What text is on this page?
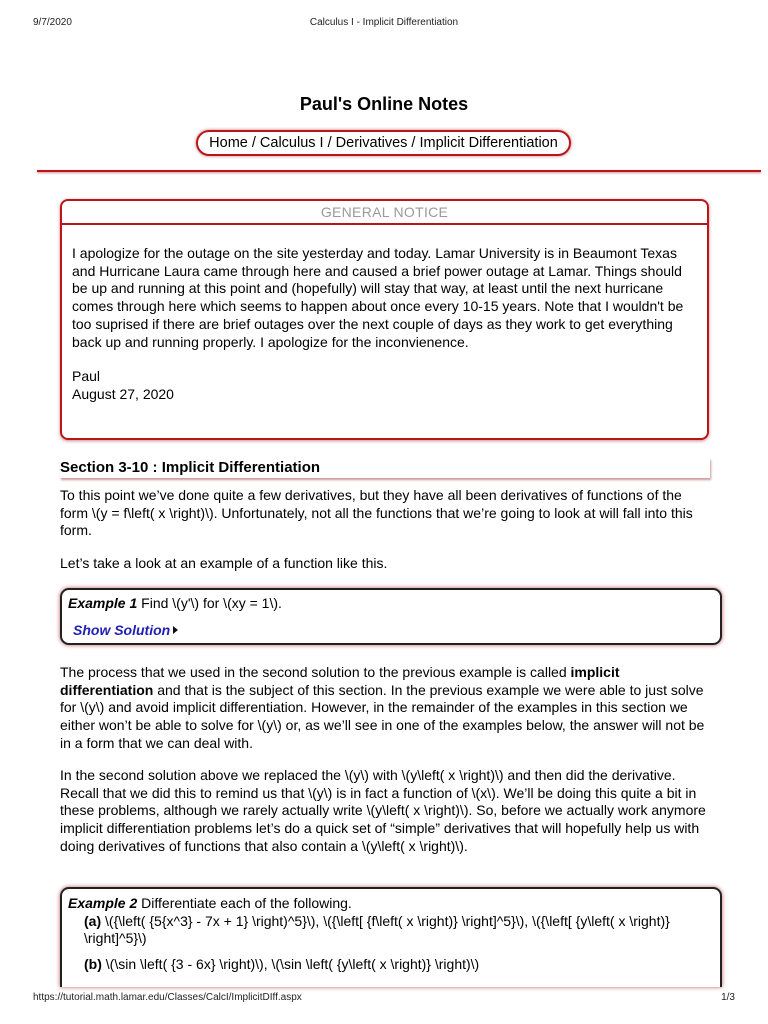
9/7/2020	Calculus I - Implicit Differentiation
Paul's Online Notes
Home / Calculus I / Derivatives / Implicit Differentiation
GENERAL NOTICE

I apologize for the outage on the site yesterday and today. Lamar University is in Beaumont Texas and Hurricane Laura came through here and caused a brief power outage at Lamar. Things should be up and running at this point and (hopefully) will stay that way, at least until the next hurricane comes through here which seems to happen about once every 10-15 years. Note that I wouldn't be too suprised if there are brief outages over the next couple of days as they work to get everything back up and running properly. I apologize for the inconvienence.

Paul

August 27, 2020

Section 3-10 : Implicit Differentiation

To this point we’ve done quite a few derivatives, but they have all been derivatives of functions of the form \(y = f\left( x \right)\). Unfortunately, not all the functions that we’re going to look at will fall into this form.

Let’s take a look at an example of a function like this.

Example 1 Find \(y'\) for \(xy = 1\).
Show Solution

The process that we used in the second solution to the previous example is called implicit differentiation and that is the subject of this section. In the previous example we were able to just solve for \(y\) and avoid implicit differentiation. However, in the remainder of the examples in this section we either won’t be able to solve for \(y\) or, as we’ll see in one of the examples below, the answer will not be in a form that we can deal with.

In the second solution above we replaced the \(y\) with \(y\left( x \right)\) and then did the derivative. Recall that we did this to remind us that \(y\) is in fact a function of \(x\). We’ll be doing this quite a bit in these problems, although we rarely actually write \(y\left( x \right)\). So, before we actually work anymore implicit differentiation problems let’s do a quick set of “simple” derivatives that will hopefully help us with doing derivatives of functions that also contain a \(y\left( x \right)\).

Example 2 Differentiate each of the following.
(a) \({\left( {5{x^3} - 7x + 1} \right)^5}\), \({\left[ {f\left( x \right)} \right]^5}\), \({\left[ {y\left( x \right)} \right]^5}\)
(b) \(\sin \left( {3 - 6x} \right)\), \(\sin \left( {y\left( x \right)} \right)\)
https://tutorial.math.lamar.edu/Classes/CalcI/ImplicitDIff.aspx	1/3
